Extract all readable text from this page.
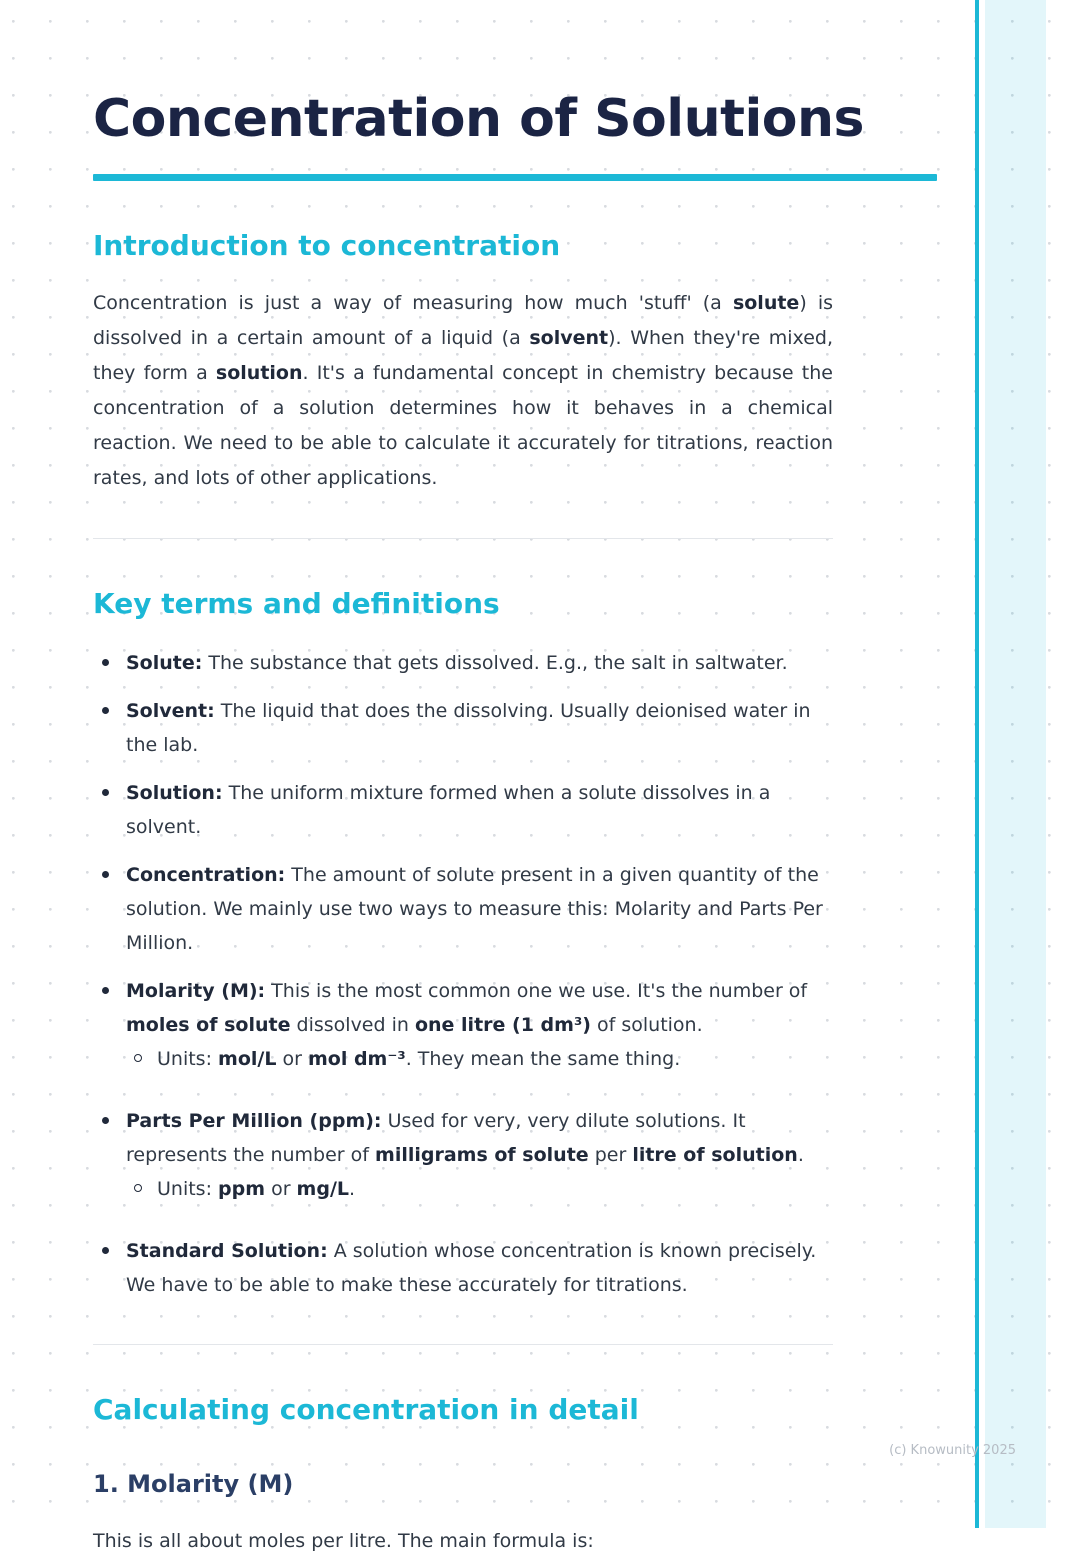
Concentration of Solutions
Introduction to concentration

Concentration is just a way of measuring how much 'stuff' (a solute) is dissolved in a certain amount of a liquid (a solvent). When they're mixed, they form a solution. It's a fundamental concept in chemistry because the concentration of a solution determines how it behaves in a chemical reaction. We need to be able to calculate it accurately for titrations, reaction rates, and lots of other applications.

Key terms and definitions
Solute: The substance that gets dissolved. E.g., the salt in saltwater.
Solvent: The liquid that does the dissolving. Usually deionised water in the lab.
Solution: The uniform mixture formed when a solute dissolves in a solvent.
Concentration: The amount of solute present in a given quantity of the solution. We mainly use two ways to measure this: Molarity and Parts Per Million.
Molarity (M): This is the most common one we use. It's the number of moles of solute dissolved in one litre (1 dm³) of solution.
Units: mol/L or mol dm⁻³. They mean the same thing.
Parts Per Million (ppm): Used for very, very dilute solutions. It represents the number of milligrams of solute per litre of solution.
Units: ppm or mg/L.
Standard Solution: A solution whose concentration is known precisely. We have to be able to make these accurately for titrations.
Calculating concentration in detail
1. Molarity (M)

This is all about moles per litre. The main formula is:

(c) Knowunity 2025
